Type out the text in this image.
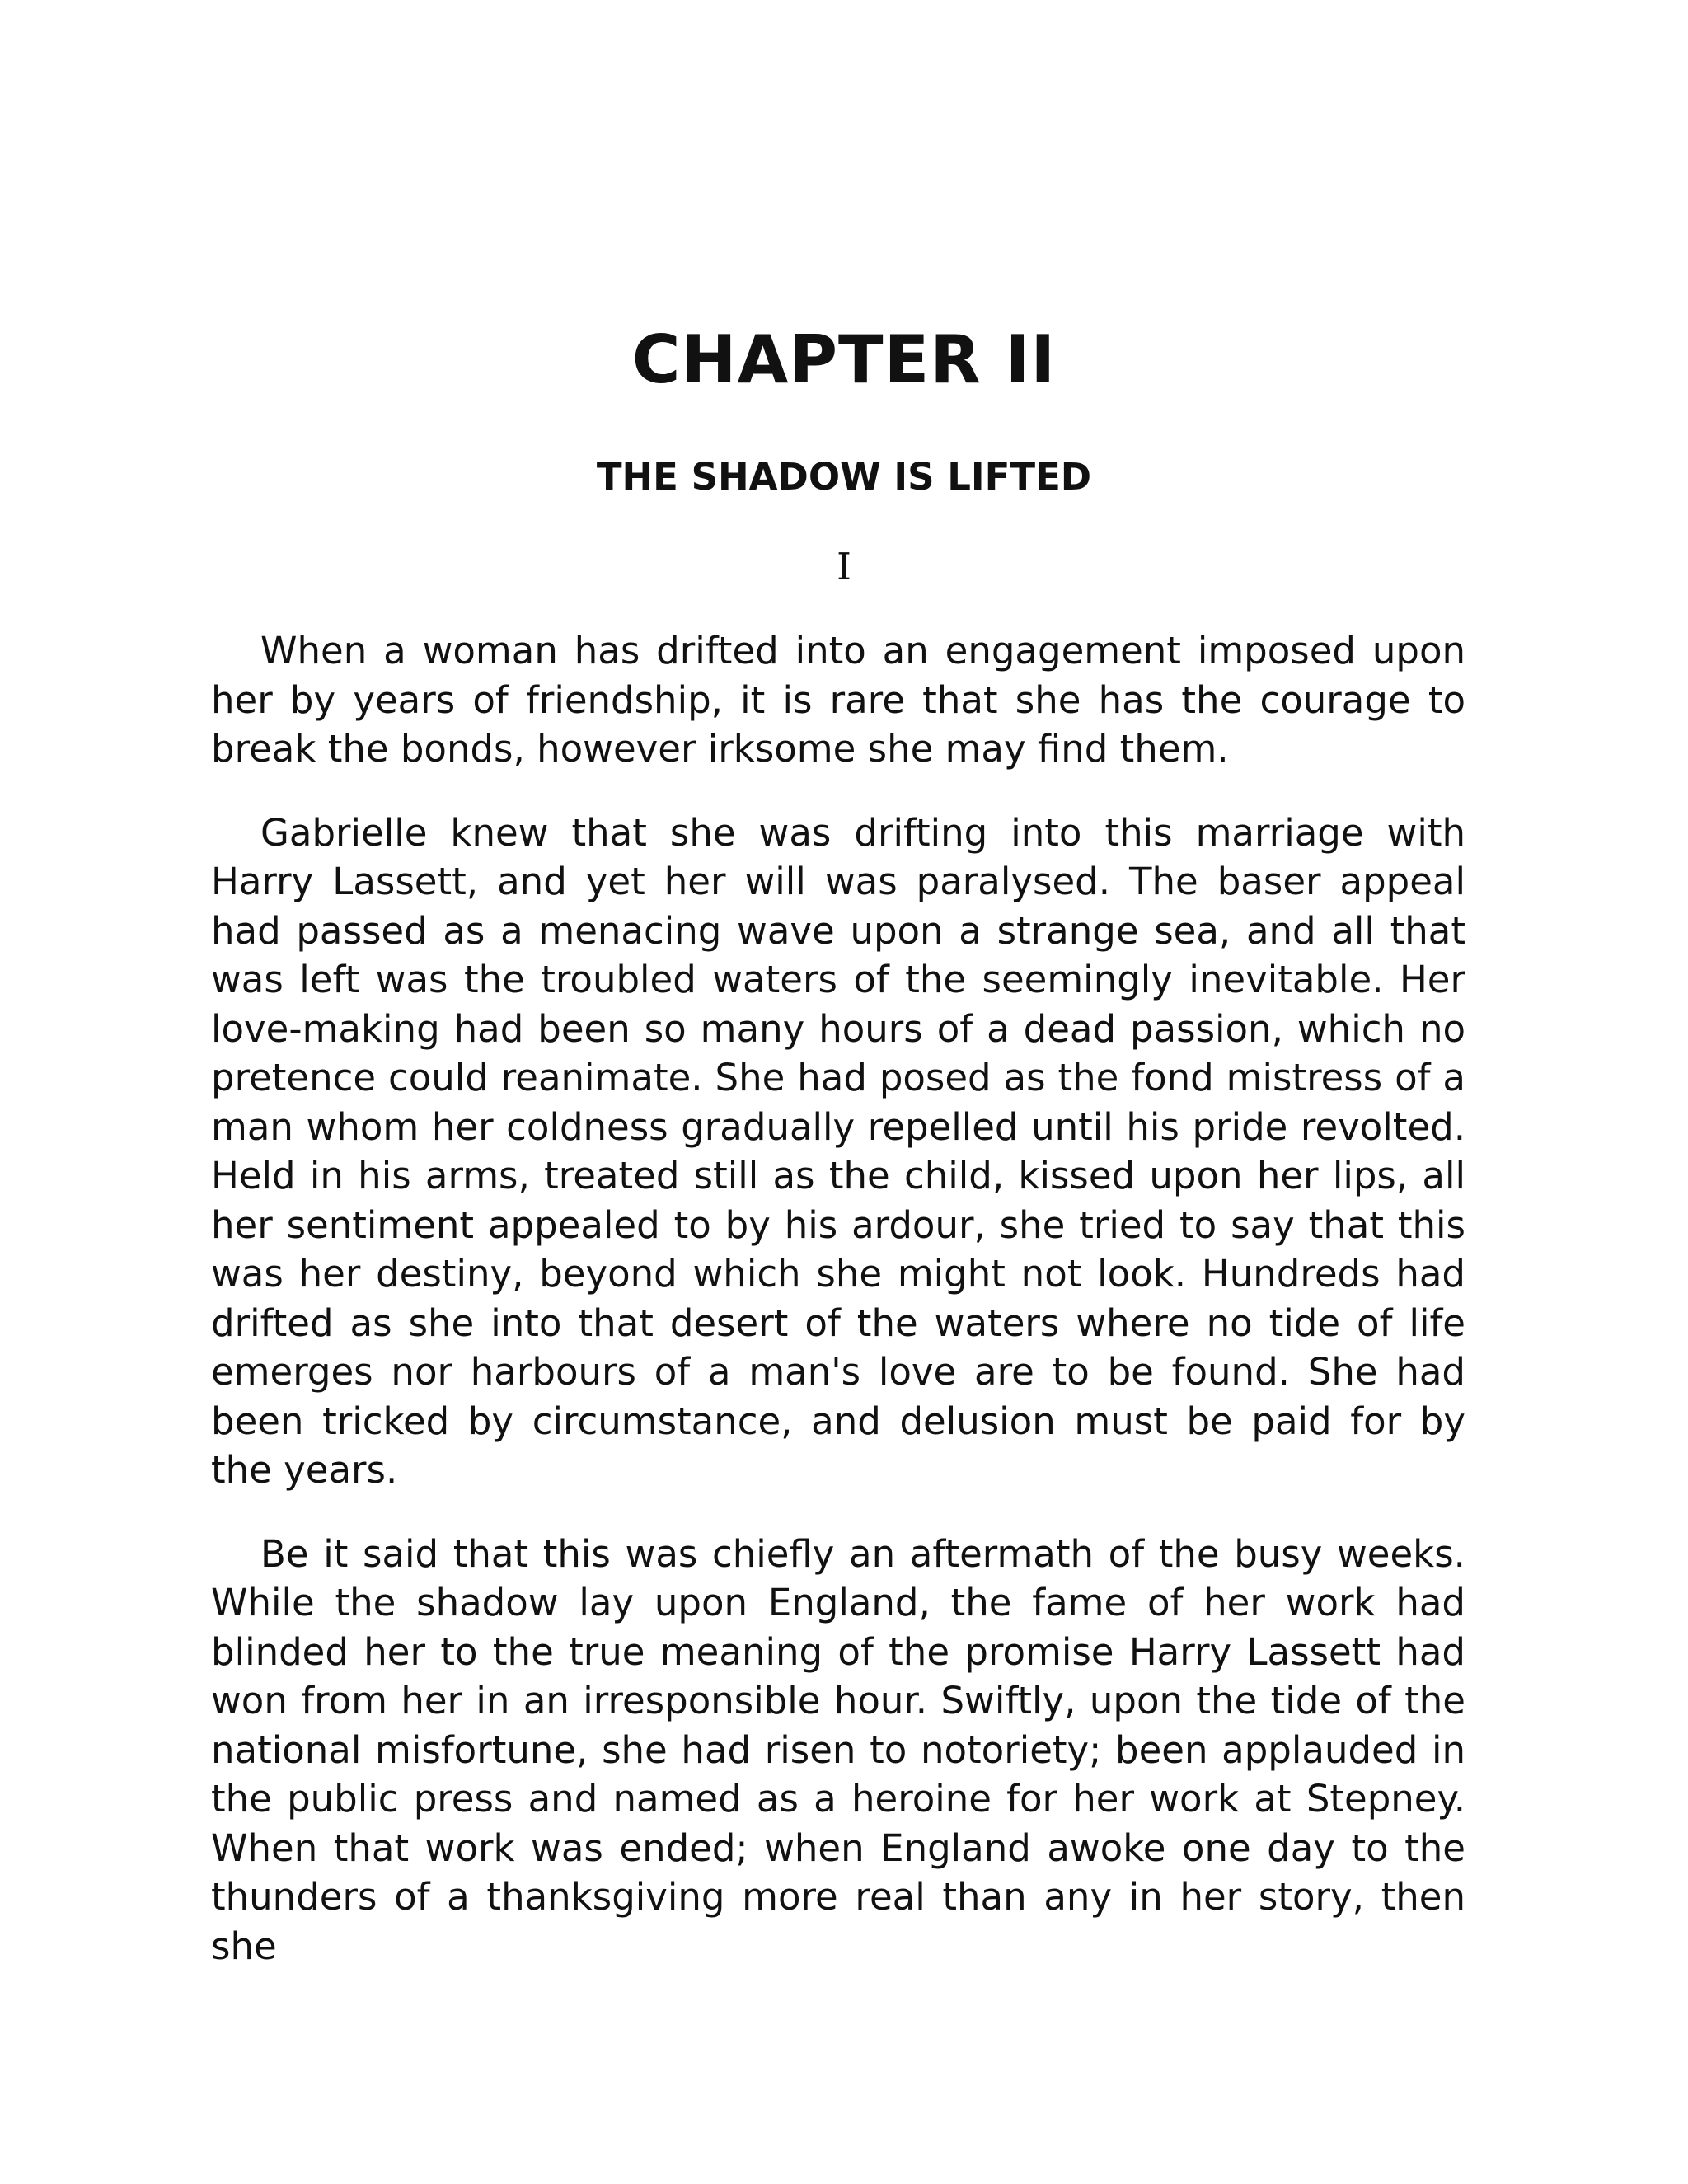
CHAPTER II
THE SHADOW IS LIFTED
I

When a woman has drifted into an engagement imposed upon her by years of friendship, it is rare that she has the courage to break the bonds, however irksome she may find them.

Gabrielle knew that she was drifting into this marriage with Harry Lassett, and yet her will was paralysed. The baser appeal had passed as a menacing wave upon a strange sea, and all that was left was the troubled waters of the seemingly inevitable. Her love-making had been so many hours of a dead passion, which no pretence could reanimate. She had posed as the fond mistress of a man whom her coldness gradually repelled until his pride revolted. Held in his arms, treated still as the child, kissed upon her lips, all her sentiment appealed to by his ardour, she tried to say that this was her destiny, beyond which she might not look. Hundreds had drifted as she into that desert of the waters where no tide of life emerges nor harbours of a man's love are to be found. She had been tricked by circumstance, and delusion must be paid for by the years.

Be it said that this was chiefly an aftermath of the busy weeks. While the shadow lay upon England, the fame of her work had blinded her to the true meaning of the promise Harry Lassett had won from her in an irresponsible hour. Swiftly, upon the tide of the national misfortune, she had risen to notoriety; been applauded in the public press and named as a heroine for her work at Stepney. When that work was ended; when England awoke one day to the thunders of a thanksgiving more real than any in her story, then she
